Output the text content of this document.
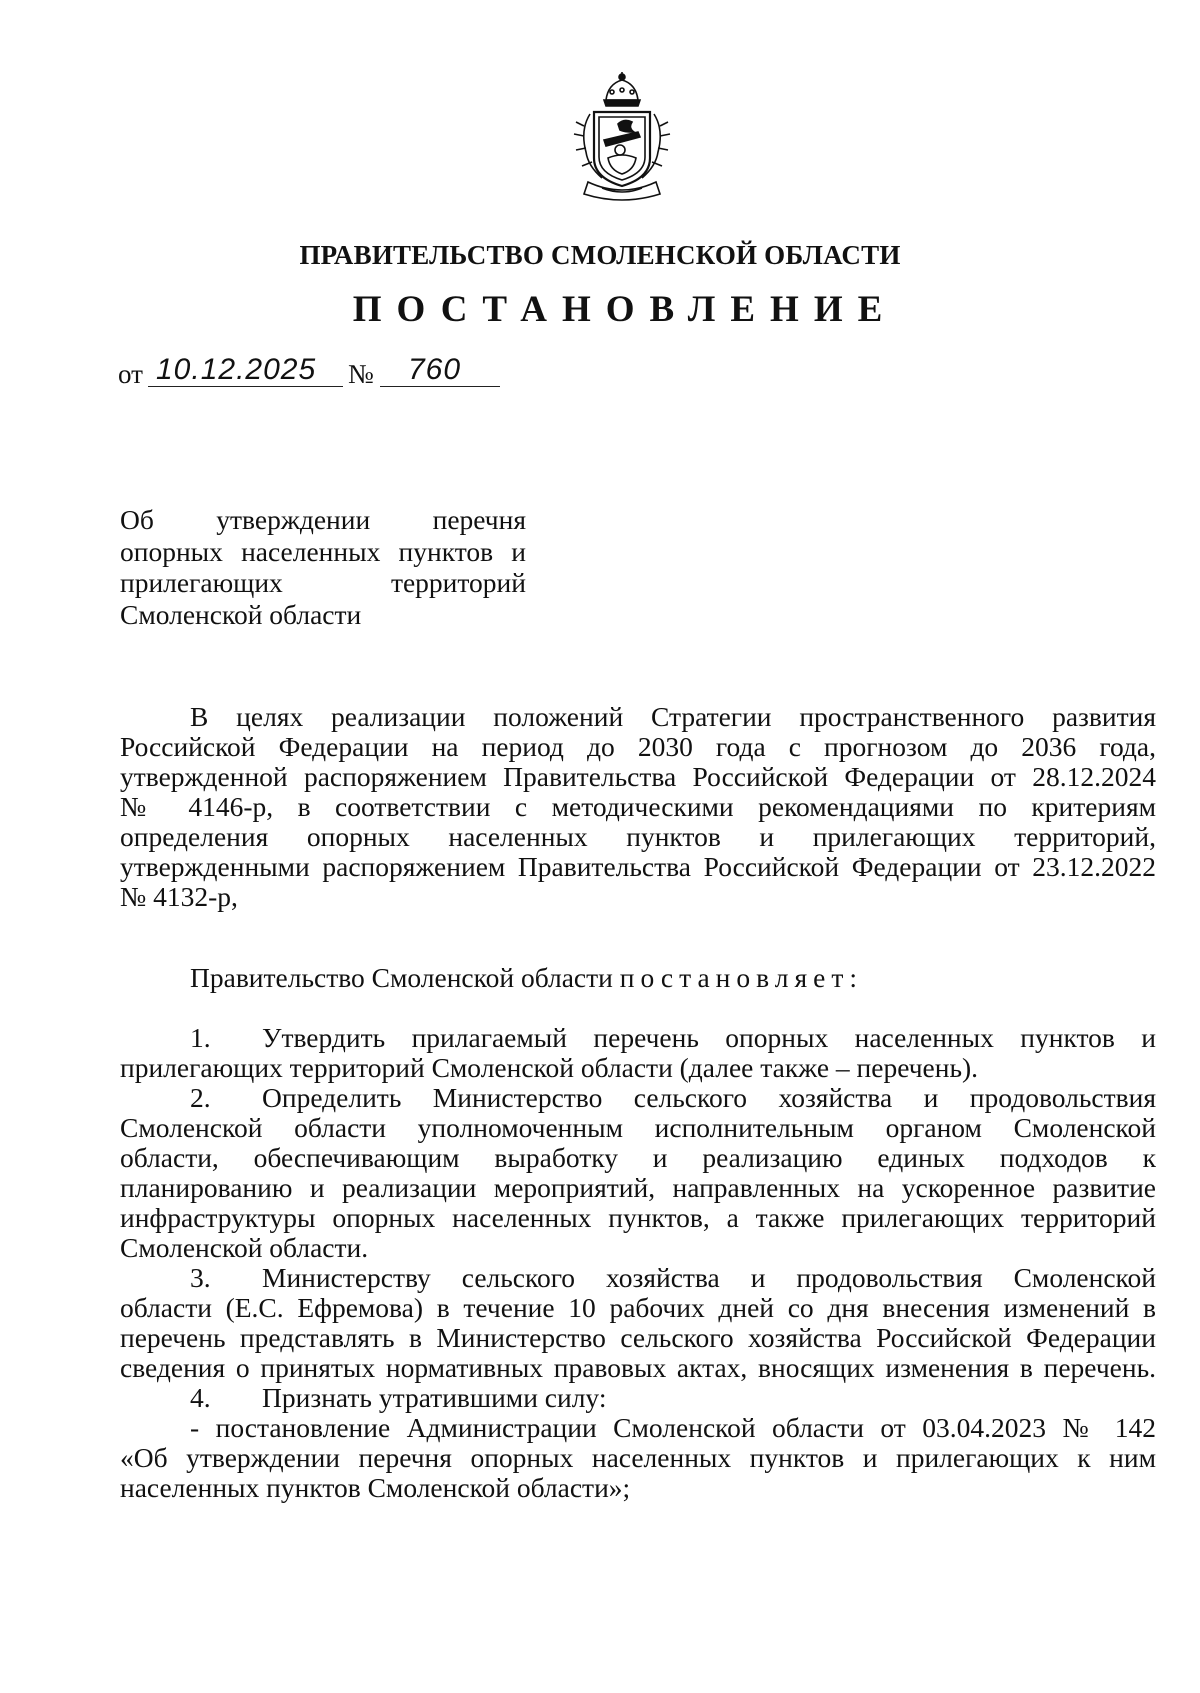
ПРАВИТЕЛЬСТВО СМОЛЕНСКОЙ ОБЛАСТИ
ПОСТАНОВЛЕНИЕ
от 10.12.2025 № 760
Об утверждении перечня
опорных населенных пунктов и
прилегающих территорий
Смоленской области
В целях реализации положений Стратегии пространственного развития
Российской Федерации на период до 2030 года с прогнозом до 2036 года,
утвержденной распоряжением Правительства Российской Федерации от 28.12.2024
№ 4146-р, в соответствии с методическими рекомендациями по критериям
определения опорных населенных пунктов и прилегающих территорий,
утвержденными распоряжением Правительства Российской Федерации от 23.12.2022
№ 4132-р,
Правительство Смоленской области постановляет:
1. Утвердить прилагаемый перечень опорных населенных пунктов и
прилегающих территорий Смоленской области (далее также – перечень).
2. Определить Министерство сельского хозяйства и продовольствия
Смоленской области уполномоченным исполнительным органом Смоленской
области, обеспечивающим выработку и реализацию единых подходов к
планированию и реализации мероприятий, направленных на ускоренное развитие
инфраструктуры опорных населенных пунктов, а также прилегающих территорий
Смоленской области.
3. Министерству сельского хозяйства и продовольствия Смоленской
области (Е.С. Ефремова) в течение 10 рабочих дней со дня внесения изменений в
перечень представлять в Министерство сельского хозяйства Российской Федерации
сведения о принятых нормативных правовых актах, вносящих изменения в перечень.
4. Признать утратившими силу:
- постановление Администрации Смоленской области от 03.04.2023 № 142
«Об утверждении перечня опорных населенных пунктов и прилегающих к ним
населенных пунктов Смоленской области»;
